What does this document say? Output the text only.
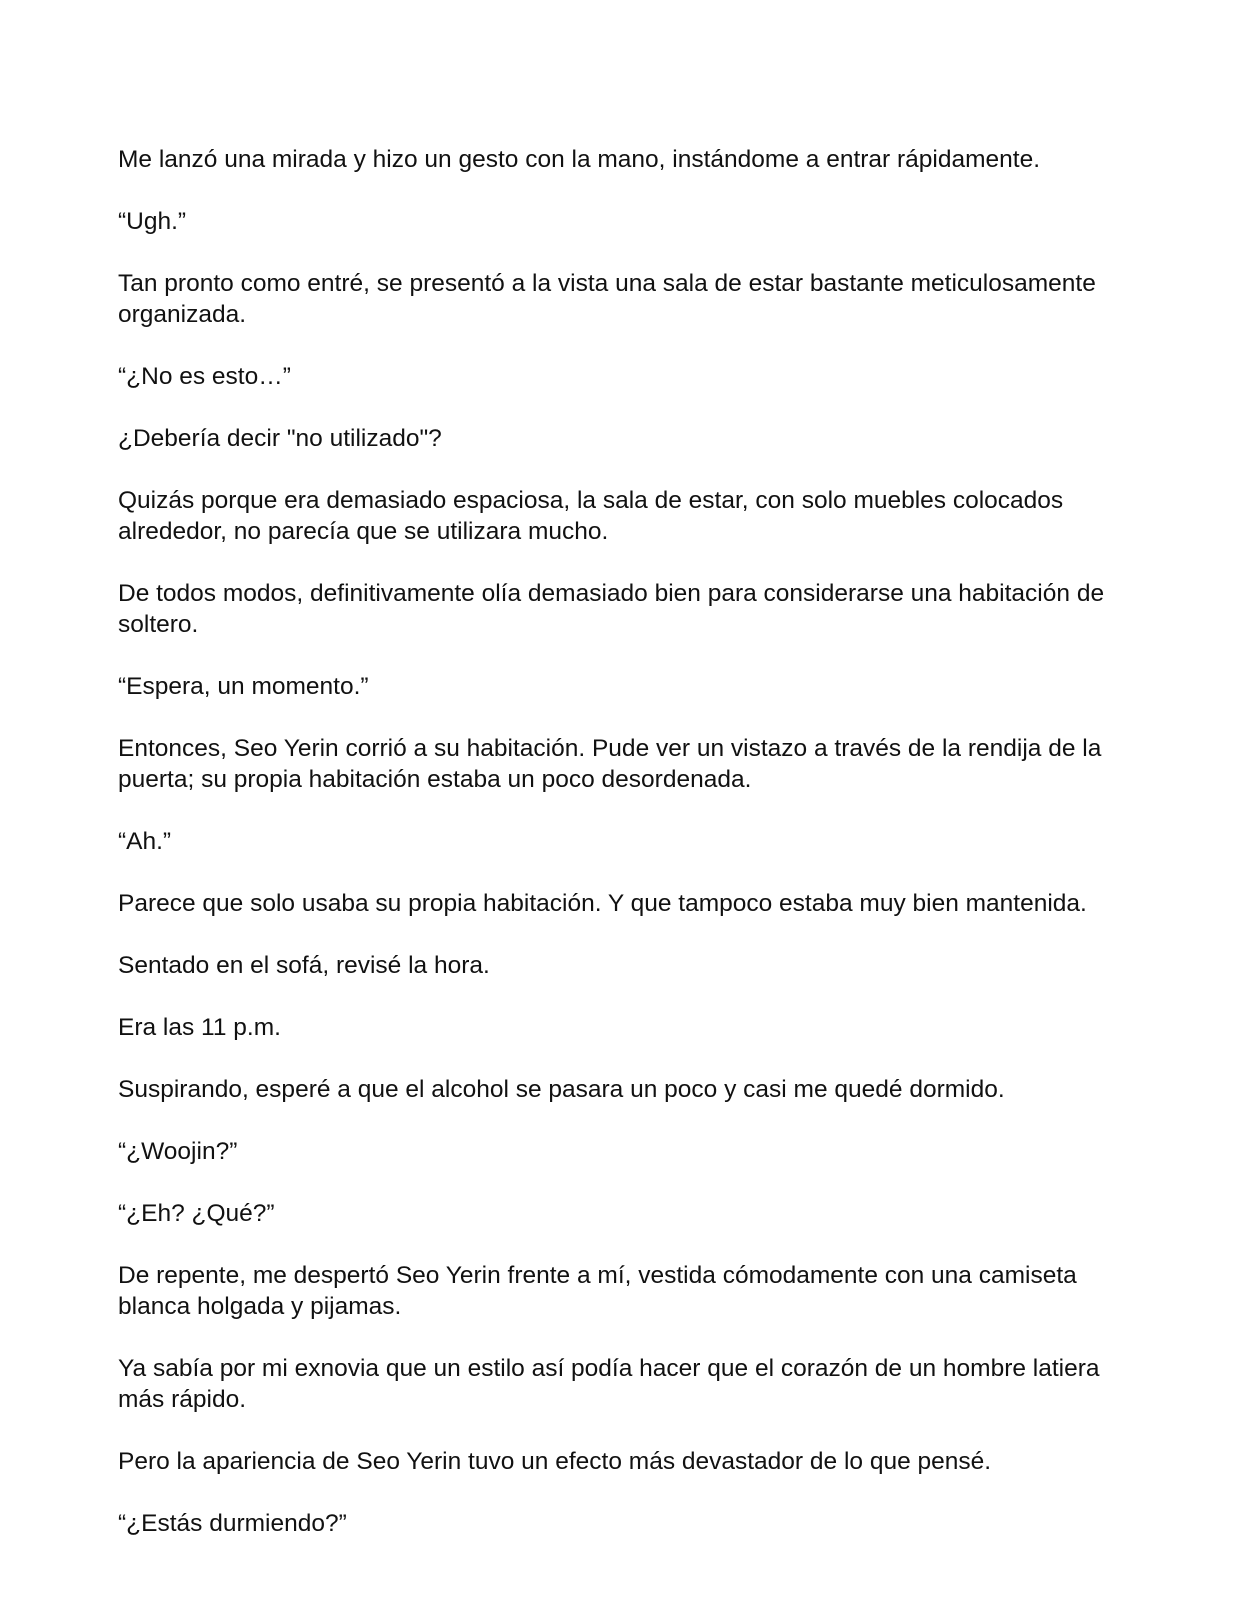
Me lanzó una mirada y hizo un gesto con la mano, instándome a entrar rápidamente.

“Ugh.”

Tan pronto como entré, se presentó a la vista una sala de estar bastante meticulosamente organizada.

“¿No es esto…”

¿Debería decir "no utilizado"?

Quizás porque era demasiado espaciosa, la sala de estar, con solo muebles colocados alrededor, no parecía que se utilizara mucho.

De todos modos, definitivamente olía demasiado bien para considerarse una habitación de soltero.

“Espera, un momento.”

Entonces, Seo Yerin corrió a su habitación. Pude ver un vistazo a través de la rendija de la puerta; su propia habitación estaba un poco desordenada.

“Ah.”

Parece que solo usaba su propia habitación. Y que tampoco estaba muy bien mantenida.

Sentado en el sofá, revisé la hora.

Era las 11 p.m.

Suspirando, esperé a que el alcohol se pasara un poco y casi me quedé dormido.

“¿Woojin?”

“¿Eh? ¿Qué?”

De repente, me despertó Seo Yerin frente a mí, vestida cómodamente con una camiseta blanca holgada y pijamas.

Ya sabía por mi exnovia que un estilo así podía hacer que el corazón de un hombre latiera más rápido.

Pero la apariencia de Seo Yerin tuvo un efecto más devastador de lo que pensé.

“¿Estás durmiendo?”
